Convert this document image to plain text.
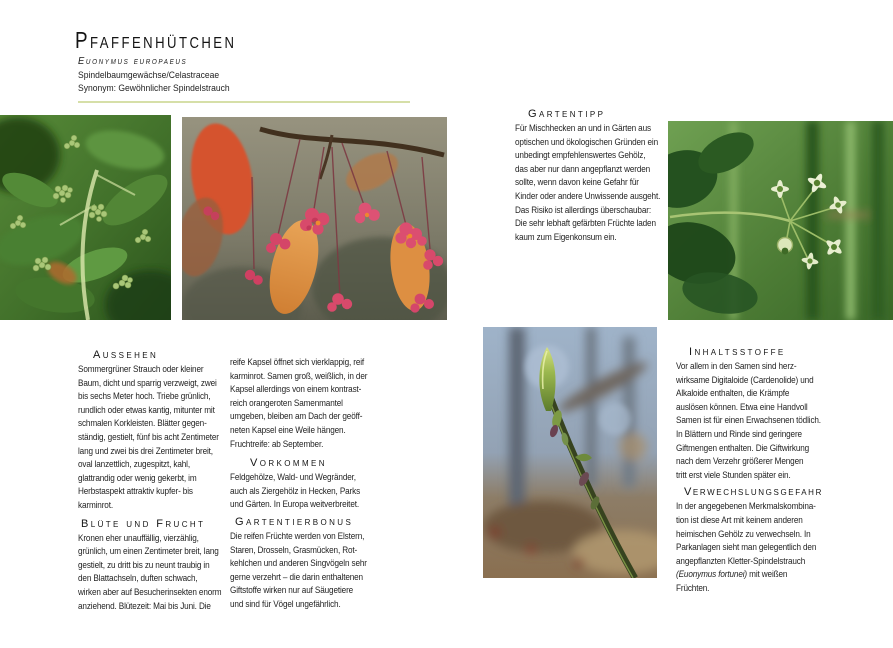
Pfaffenhütchen
Euonymus europaeus
Spindelbaumgewächse/Celastraceae
Synonym: Gewöhnlicher Spindelstrauch
Gartentipp
Für Mischhecken an und in Gärten aus
optischen und ökologischen Gründen ein
unbedingt empfehlenswertes Gehölz,
das aber nur dann angepflanzt werden
sollte, wenn davon keine Gefahr für
Kinder oder andere Unwissende ausgeht.
Das Risiko ist allerdings überschaubar:
Die sehr lebhaft gefärbten Früchte laden
kaum zum Eigenkonsum ein.
Aussehen
Sommergrüner Strauch oder kleiner
Baum, dicht und sparrig verzweigt, zwei
bis sechs Meter hoch. Triebe grünlich,
rundlich oder etwas kantig, mitunter mit
schmalen Korkleisten. Blätter gegen-
ständig, gestielt, fünf bis acht Zentimeter
lang und zwei bis drei Zentimeter breit,
oval lanzettlich, zugespitzt, kahl,
glattrandig oder wenig gekerbt, im
Herbstaspekt attraktiv kupfer- bis
karminrot.
Blüte und Frucht
Kronen eher unauffällig, vierzählig,
grünlich, um einen Zentimeter breit, lang
gestielt, zu dritt bis zu neunt traubig in
den Blattachseln, duften schwach,
wirken aber auf Besucherinsekten enorm
anziehend. Blütezeit: Mai bis Juni. Die
reife Kapsel öffnet sich vierklappig, reif
karminrot. Samen groß, weißlich, in der
Kapsel allerdings von einem kontrast-
reich orangeroten Samenmantel
umgeben, bleiben am Dach der geöff-
neten Kapsel eine Weile hängen.
Fruchtreife: ab September.
Vorkommen
Feldgehölze, Wald- und Wegränder,
auch als Ziergehölz in Hecken, Parks
und Gärten. In Europa weitverbreitet.
Gartentierbonus
Die reifen Früchte werden von Elstern,
Staren, Drosseln, Grasmücken, Rot-
kehlchen und anderen Singvögeln sehr
gerne verzehrt – die darin enthaltenen
Giftstoffe wirken nur auf Säugetiere
und sind für Vögel ungefährlich.
Inhaltsstoffe
Vor allem in den Samen sind herz-
wirksame Digitaloide (Cardenolide) und
Alkaloide enthalten, die Krämpfe
auslösen können. Etwa eine Handvoll
Samen ist für einen Erwachsenen tödlich.
In Blättern und Rinde sind geringere
Giftmengen enthalten. Die Giftwirkung
nach dem Verzehr größerer Mengen
tritt erst viele Stunden später ein.
Verwechslungsgefahr
In der angegebenen Merkmalskombina-
tion ist diese Art mit keinem anderen
heimischen Gehölz zu verwechseln. In
Parkanlagen sieht man gelegentlich den
angepflanzten Kletter-Spindelstrauch
(Euonymus fortunei) mit weißen
Früchten.
